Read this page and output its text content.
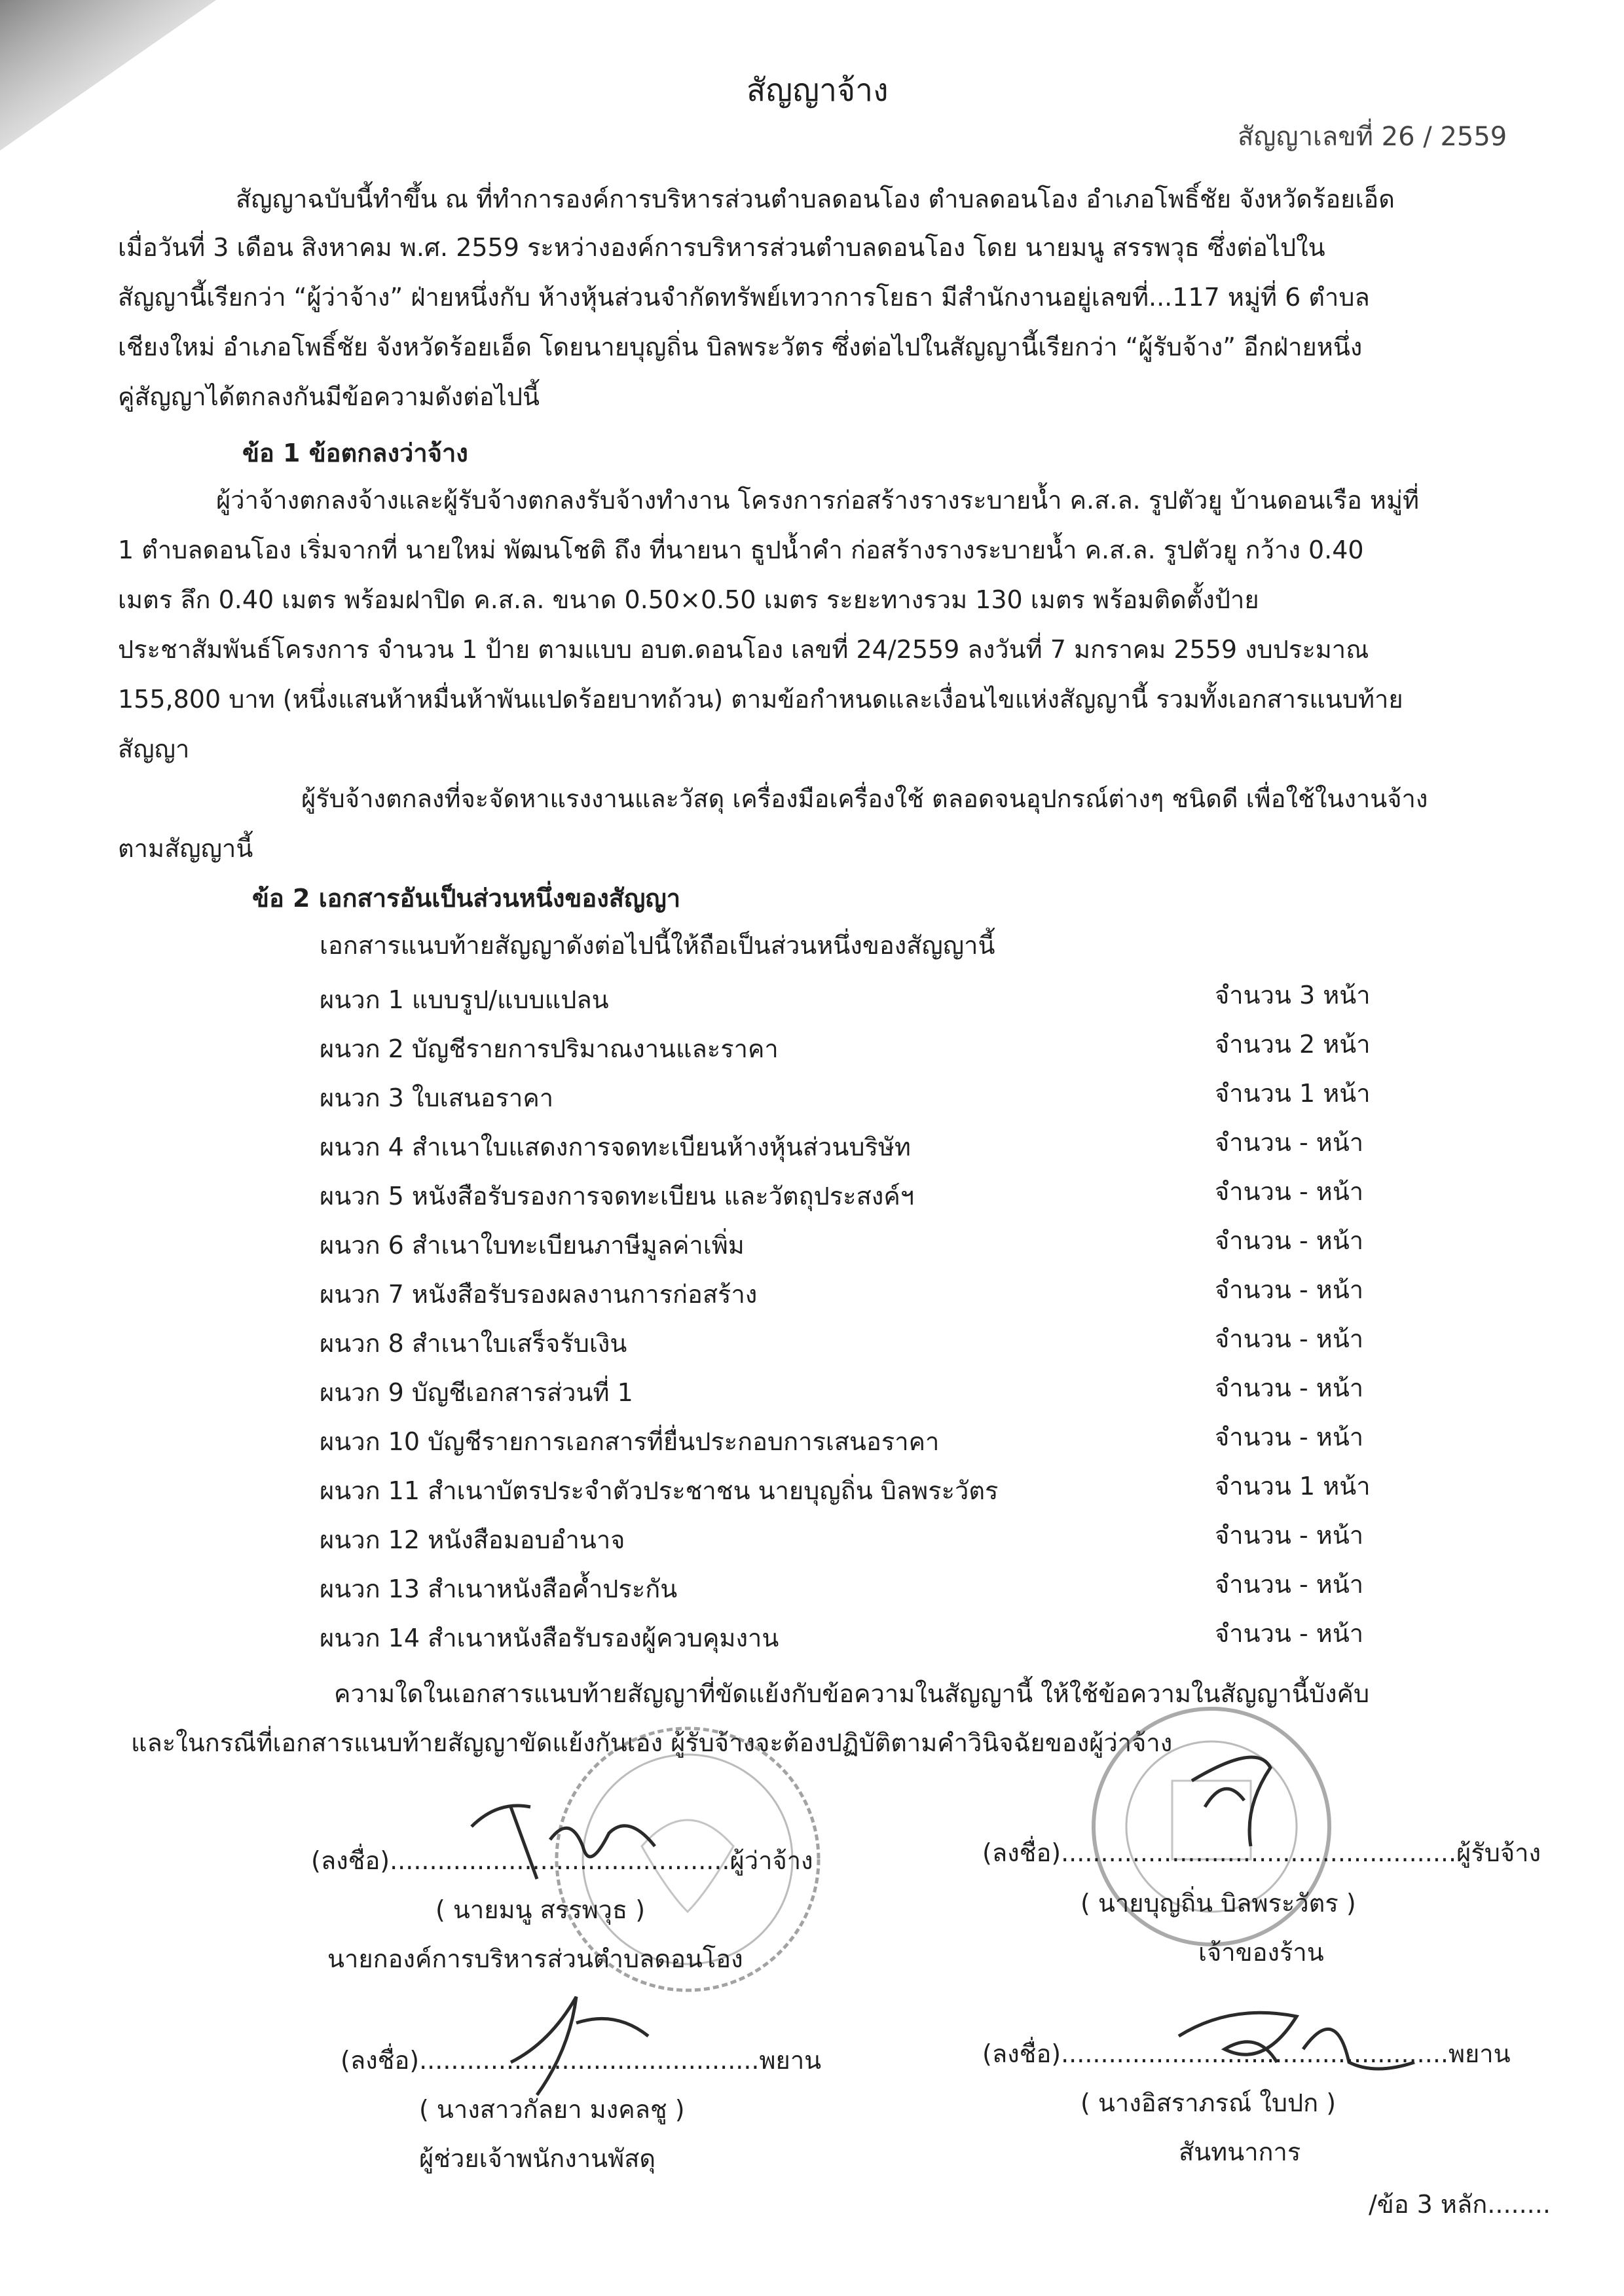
สัญญาจ้าง
สัญญาเลขที่ 26 / 2559
สัญญาฉบับนี้ทำขึ้น ณ ที่ทำการองค์การบริหารส่วนตำบลดอนโอง ตำบลดอนโอง อำเภอโพธิ์ชัย จังหวัดร้อยเอ็ด
เมื่อวันที่ 3 เดือน สิงหาคม พ.ศ. 2559 ระหว่างองค์การบริหารส่วนตำบลดอนโอง โดย นายมนู สรรพวุธ ซึ่งต่อไปใน
สัญญานี้เรียกว่า “ผู้ว่าจ้าง” ฝ่ายหนึ่งกับ ห้างหุ้นส่วนจำกัดทรัพย์เทวาการโยธา มีสำนักงานอยู่เลขที่...117 หมู่ที่ 6 ตำบล
เชียงใหม่ อำเภอโพธิ์ชัย จังหวัดร้อยเอ็ด โดยนายบุญถิ่น บิลพระวัตร ซึ่งต่อไปในสัญญานี้เรียกว่า “ผู้รับจ้าง” อีกฝ่ายหนึ่ง
คู่สัญญาได้ตกลงกันมีข้อความดังต่อไปนี้
ข้อ 1 ข้อตกลงว่าจ้าง
ผู้ว่าจ้างตกลงจ้างและผู้รับจ้างตกลงรับจ้างทำงาน โครงการก่อสร้างรางระบายน้ำ ค.ส.ล. รูปตัวยู บ้านดอนเรือ หมู่ที่
1 ตำบลดอนโอง เริ่มจากที่ นายใหม่ พัฒนโชติ ถึง ที่นายนา ธูปน้ำคำ ก่อสร้างรางระบายน้ำ ค.ส.ล. รูปตัวยู กว้าง 0.40
เมตร ลึก 0.40 เมตร พร้อมฝาปิด ค.ส.ล. ขนาด 0.50×0.50 เมตร ระยะทางรวม 130 เมตร พร้อมติดตั้งป้าย
ประชาสัมพันธ์โครงการ จำนวน 1 ป้าย ตามแบบ อบต.ดอนโอง เลขที่ 24/2559 ลงวันที่ 7 มกราคม 2559 งบประมาณ
155,800 บาท (หนึ่งแสนห้าหมื่นห้าพันแปดร้อยบาทถ้วน) ตามข้อกำหนดและเงื่อนไขแห่งสัญญานี้ รวมทั้งเอกสารแนบท้าย
สัญญา
ผู้รับจ้างตกลงที่จะจัดหาแรงงานและวัสดุ เครื่องมือเครื่องใช้ ตลอดจนอุปกรณ์ต่างๆ ชนิดดี เพื่อใช้ในงานจ้าง
ตามสัญญานี้
ข้อ 2 เอกสารอันเป็นส่วนหนึ่งของสัญญา
เอกสารแนบท้ายสัญญาดังต่อไปนี้ให้ถือเป็นส่วนหนึ่งของสัญญานี้
ผนวก 1 แบบรูป/แบบแปลน	จำนวน 3 หน้า
ผนวก 2 บัญชีรายการปริมาณงานและราคา	จำนวน 2 หน้า
ผนวก 3 ใบเสนอราคา	จำนวน 1 หน้า
ผนวก 4 สำเนาใบแสดงการจดทะเบียนห้างหุ้นส่วนบริษัท	จำนวน - หน้า
ผนวก 5 หนังสือรับรองการจดทะเบียน และวัตถุประสงค์ฯ	จำนวน - หน้า
ผนวก 6 สำเนาใบทะเบียนภาษีมูลค่าเพิ่ม	จำนวน - หน้า
ผนวก 7 หนังสือรับรองผลงานการก่อสร้าง	จำนวน - หน้า
ผนวก 8 สำเนาใบเสร็จรับเงิน	จำนวน - หน้า
ผนวก 9 บัญชีเอกสารส่วนที่ 1	จำนวน - หน้า
ผนวก 10 บัญชีรายการเอกสารที่ยื่นประกอบการเสนอราคา	จำนวน - หน้า
ผนวก 11 สำเนาบัตรประจำตัวประชาชน นายบุญถิ่น บิลพระวัตร	จำนวน 1 หน้า
ผนวก 12 หนังสือมอบอำนาจ	จำนวน - หน้า
ผนวก 13 สำเนาหนังสือค้ำประกัน	จำนวน - หน้า
ผนวก 14 สำเนาหนังสือรับรองผู้ควบคุมงาน	จำนวน - หน้า
ความใดในเอกสารแนบท้ายสัญญาที่ขัดแย้งกับข้อความในสัญญานี้ ให้ใช้ข้อความในสัญญานี้บังคับ
และในกรณีที่เอกสารแนบท้ายสัญญาขัดแย้งกันเอง ผู้รับจ้างจะต้องปฏิบัติตามคำวินิจฉัยของผู้ว่าจ้าง
(ลงชื่อ)...........................................ผู้ว่าจ้าง
( นายมนู สรรพวุธ )
นายกองค์การบริหารส่วนตำบลดอนโอง
(ลงชื่อ)..................................................ผู้รับจ้าง
( นายบุญถิ่น บิลพระวัตร )
เจ้าของร้าน
(ลงชื่อ)...........................................พยาน
( นางสาวกัลยา มงคลชู )
ผู้ช่วยเจ้าพนักงานพัสดุ
(ลงชื่อ).................................................พยาน
( นางอิสราภรณ์ ใบปก )
สันทนาการ
/ข้อ 3 หลัก........
